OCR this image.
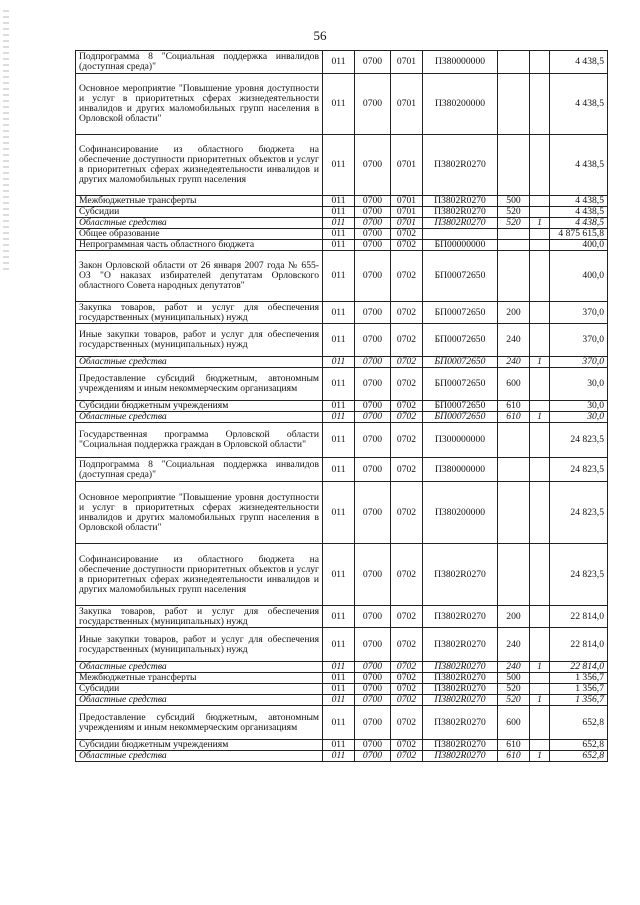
56
Подпрограмма 8 "Социальная поддержка инвалидов (доступная среда)"	011	0700	0701	П380000000			4 438,5
Основное мероприятие "Повышение уровня доступности и услуг в приоритетных сферах жизнедеятельности инвалидов и других маломобильных групп населения в Орловской области"	011	0700	0701	П380200000			4 438,5
Софинансирование из областного бюджета на обеспечение доступности приоритетных объектов и услуг в приоритетных сферах жизнедеятельности инвалидов и других маломобильных групп населения	011	0700	0701	П3802R0270			4 438,5
Межбюджетные трансферты	011	0700	0701	П3802R0270	500		4 438,5
Субсидии	011	0700	0701	П3802R0270	520		4 438,5
Областные средства	011	0700	0701	П3802R0270	520	1	4 438,5
Общее образование	011	0700	0702				4 875 615,8
Непрограммная часть областного бюджета	011	0700	0702	БП00000000			400,0
Закон Орловской области от 26 января 2007 года № 655-ОЗ "О наказах избирателей депутатам Орловского областного Совета народных депутатов"	011	0700	0702	БП00072650			400,0
Закупка товаров, работ и услуг для обеспечения государственных (муниципальных) нужд	011	0700	0702	БП00072650	200		370,0
Иные закупки товаров, работ и услуг для обеспечения государственных (муниципальных) нужд	011	0700	0702	БП00072650	240		370,0
Областные средства	011	0700	0702	БП00072650	240	1	370,0
Предоставление субсидий бюджетным, автономным учреждениям и иным некоммерческим организациям	011	0700	0702	БП00072650	600		30,0
Субсидии бюджетным учреждениям	011	0700	0702	БП00072650	610		30,0
Областные средства	011	0700	0702	БП00072650	610	1	30,0
Государственная программа Орловской области "Социальная поддержка граждан в Орловской области"	011	0700	0702	П300000000			24 823,5
Подпрограмма 8 "Социальная поддержка инвалидов (доступная среда)"	011	0700	0702	П380000000			24 823,5
Основное мероприятие "Повышение уровня доступности и услуг в приоритетных сферах жизнедеятельности инвалидов и других маломобильных групп населения в Орловской области"	011	0700	0702	П380200000			24 823,5
Софинансирование из областного бюджета на обеспечение доступности приоритетных объектов и услуг в приоритетных сферах жизнедеятельности инвалидов и других маломобильных групп населения	011	0700	0702	П3802R0270			24 823,5
Закупка товаров, работ и услуг для обеспечения государственных (муниципальных) нужд	011	0700	0702	П3802R0270	200		22 814,0
Иные закупки товаров, работ и услуг для обеспечения государственных (муниципальных) нужд	011	0700	0702	П3802R0270	240		22 814,0
Областные средства	011	0700	0702	П3802R0270	240	1	22 814,0
Межбюджетные трансферты	011	0700	0702	П3802R0270	500		1 356,7
Субсидии	011	0700	0702	П3802R0270	520		1 356,7
Областные средства	011	0700	0702	П3802R0270	520	1	1 356,7
Предоставление субсидий бюджетным, автономным учреждениям и иным некоммерческим организациям	011	0700	0702	П3802R0270	600		652,8
Субсидии бюджетным учреждениям	011	0700	0702	П3802R0270	610		652,8
Областные средства	011	0700	0702	П3802R0270	610	1	652,8
